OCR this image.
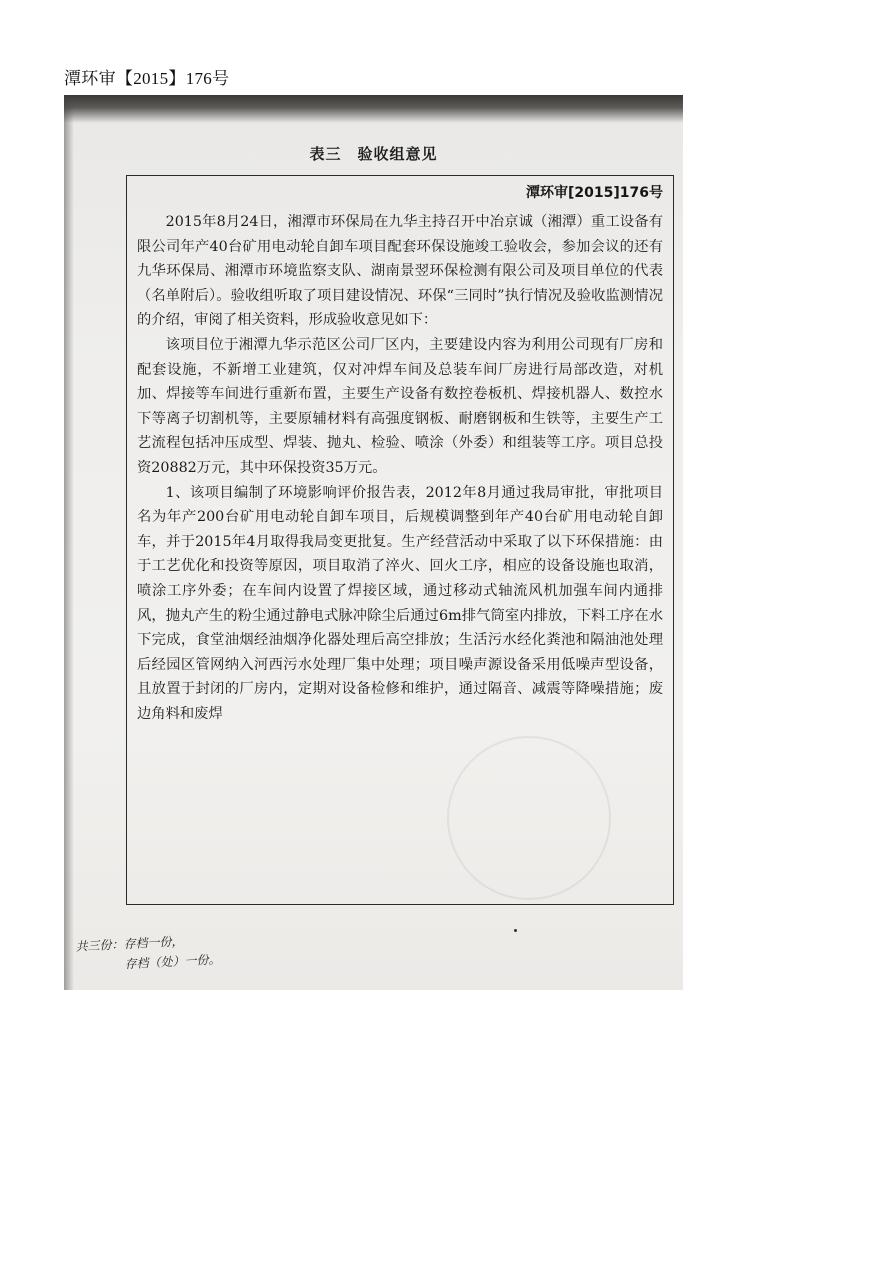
潭环审【2015】176号
表三　验收组意见
潭环审[2015]176号

2015年8月24日，湘潭市环保局在九华主持召开中冶京诚（湘潭）重工设备有限公司年产40台矿用电动轮自卸车项目配套环保设施竣工验收会，参加会议的还有九华环保局、湘潭市环境监察支队、湖南景翌环保检测有限公司及项目单位的代表（名单附后）。验收组听取了项目建设情况、环保“三同时”执行情况及验收监测情况的介绍，审阅了相关资料，形成验收意见如下：

该项目位于湘潭九华示范区公司厂区内，主要建设内容为利用公司现有厂房和配套设施，不新增工业建筑，仅对冲焊车间及总装车间厂房进行局部改造，对机加、焊接等车间进行重新布置，主要生产设备有数控卷板机、焊接机器人、数控水下等离子切割机等，主要原辅材料有高强度钢板、耐磨钢板和生铁等，主要生产工艺流程包括冲压成型、焊装、抛丸、检验、喷涂（外委）和组装等工序。项目总投资20882万元，其中环保投资35万元。

1、该项目编制了环境影响评价报告表，2012年8月通过我局审批，审批项目名为年产200台矿用电动轮自卸车项目，后规模调整到年产40台矿用电动轮自卸车，并于2015年4月取得我局变更批复。生产经营活动中采取了以下环保措施：由于工艺优化和投资等原因，项目取消了淬火、回火工序，相应的设备设施也取消，喷涂工序外委；在车间内设置了焊接区域，通过移动式轴流风机加强车间内通排风，抛丸产生的粉尘通过静电式脉冲除尘后通过6m排气筒室内排放，下料工序在水下完成，食堂油烟经油烟净化器处理后高空排放；生活污水经化粪池和隔油池处理后经园区管网纳入河西污水处理厂集中处理；项目噪声源设备采用低噪声型设备，且放置于封闭的厂房内，定期对设备检修和维护，通过隔音、减震等降噪措施；废边角料和废焊

共三份：存档一份，
存档（处）一份。
